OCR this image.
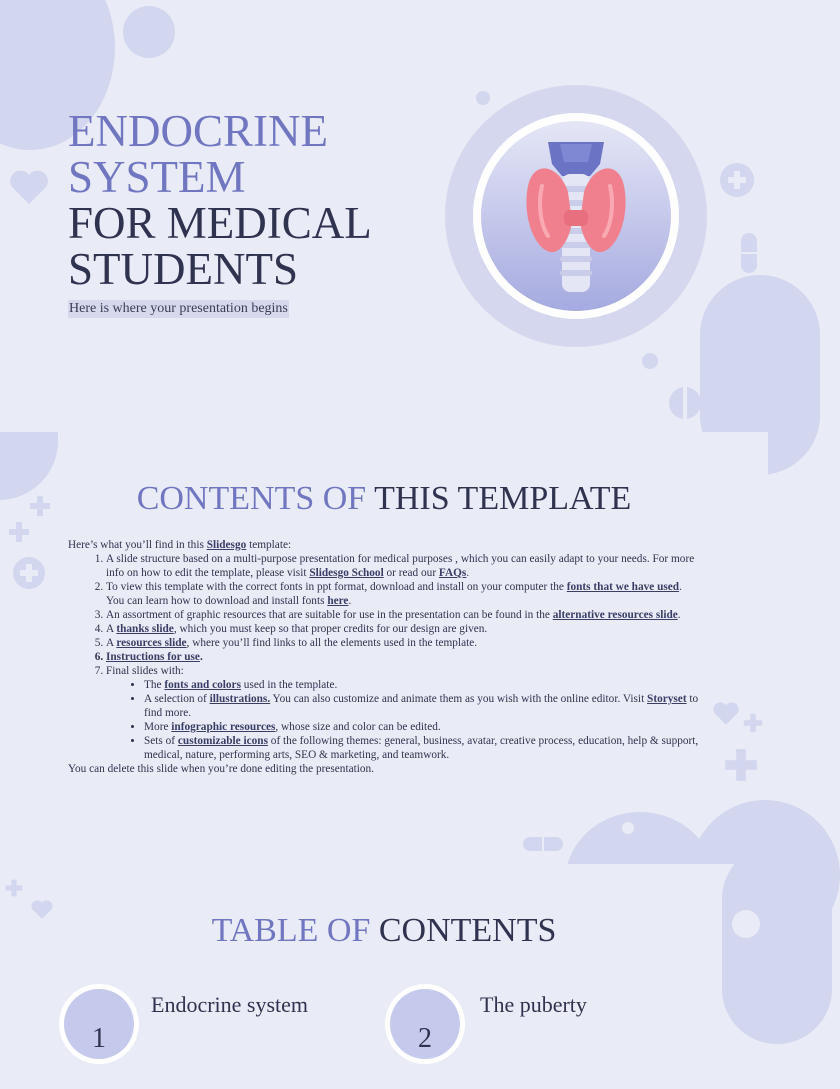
ENDOCRINE
SYSTEM
FOR MEDICAL
STUDENTS
Here is where your presentation begins
CONTENTS OF THIS TEMPLATE

Here’s what you’ll find in this Slidesgo template:

1. A slide structure based on a multi-purpose presentation for medical purposes , which you can easily adapt to your needs. For more info on how to edit the template, please visit Slidesgo School or read our FAQs.
2. To view this template with the correct fonts in ppt format, download and install on your computer the fonts that we have used. You can learn how to download and install fonts here.
3. An assortment of graphic resources that are suitable for use in the presentation can be found in the alternative resources slide.
4. A thanks slide, which you must keep so that proper credits for our design are given.
5. A resources slide, where you’ll find links to all the elements used in the template.
6. Instructions for use.
7. Final slides with:
• The fonts and colors used in the template.
• A selection of illustrations. You can also customize and animate them as you wish with the online editor. Visit Storyset to find more.
• More infographic resources, whose size and color can be edited.
• Sets of customizable icons of the following themes: general, business, avatar, creative process, education, help & support, medical, nature, performing arts, SEO & marketing, and teamwork.

You can delete this slide when you’re done editing the presentation.

TABLE OF CONTENTS
1
Endocrine system
2
The puberty
